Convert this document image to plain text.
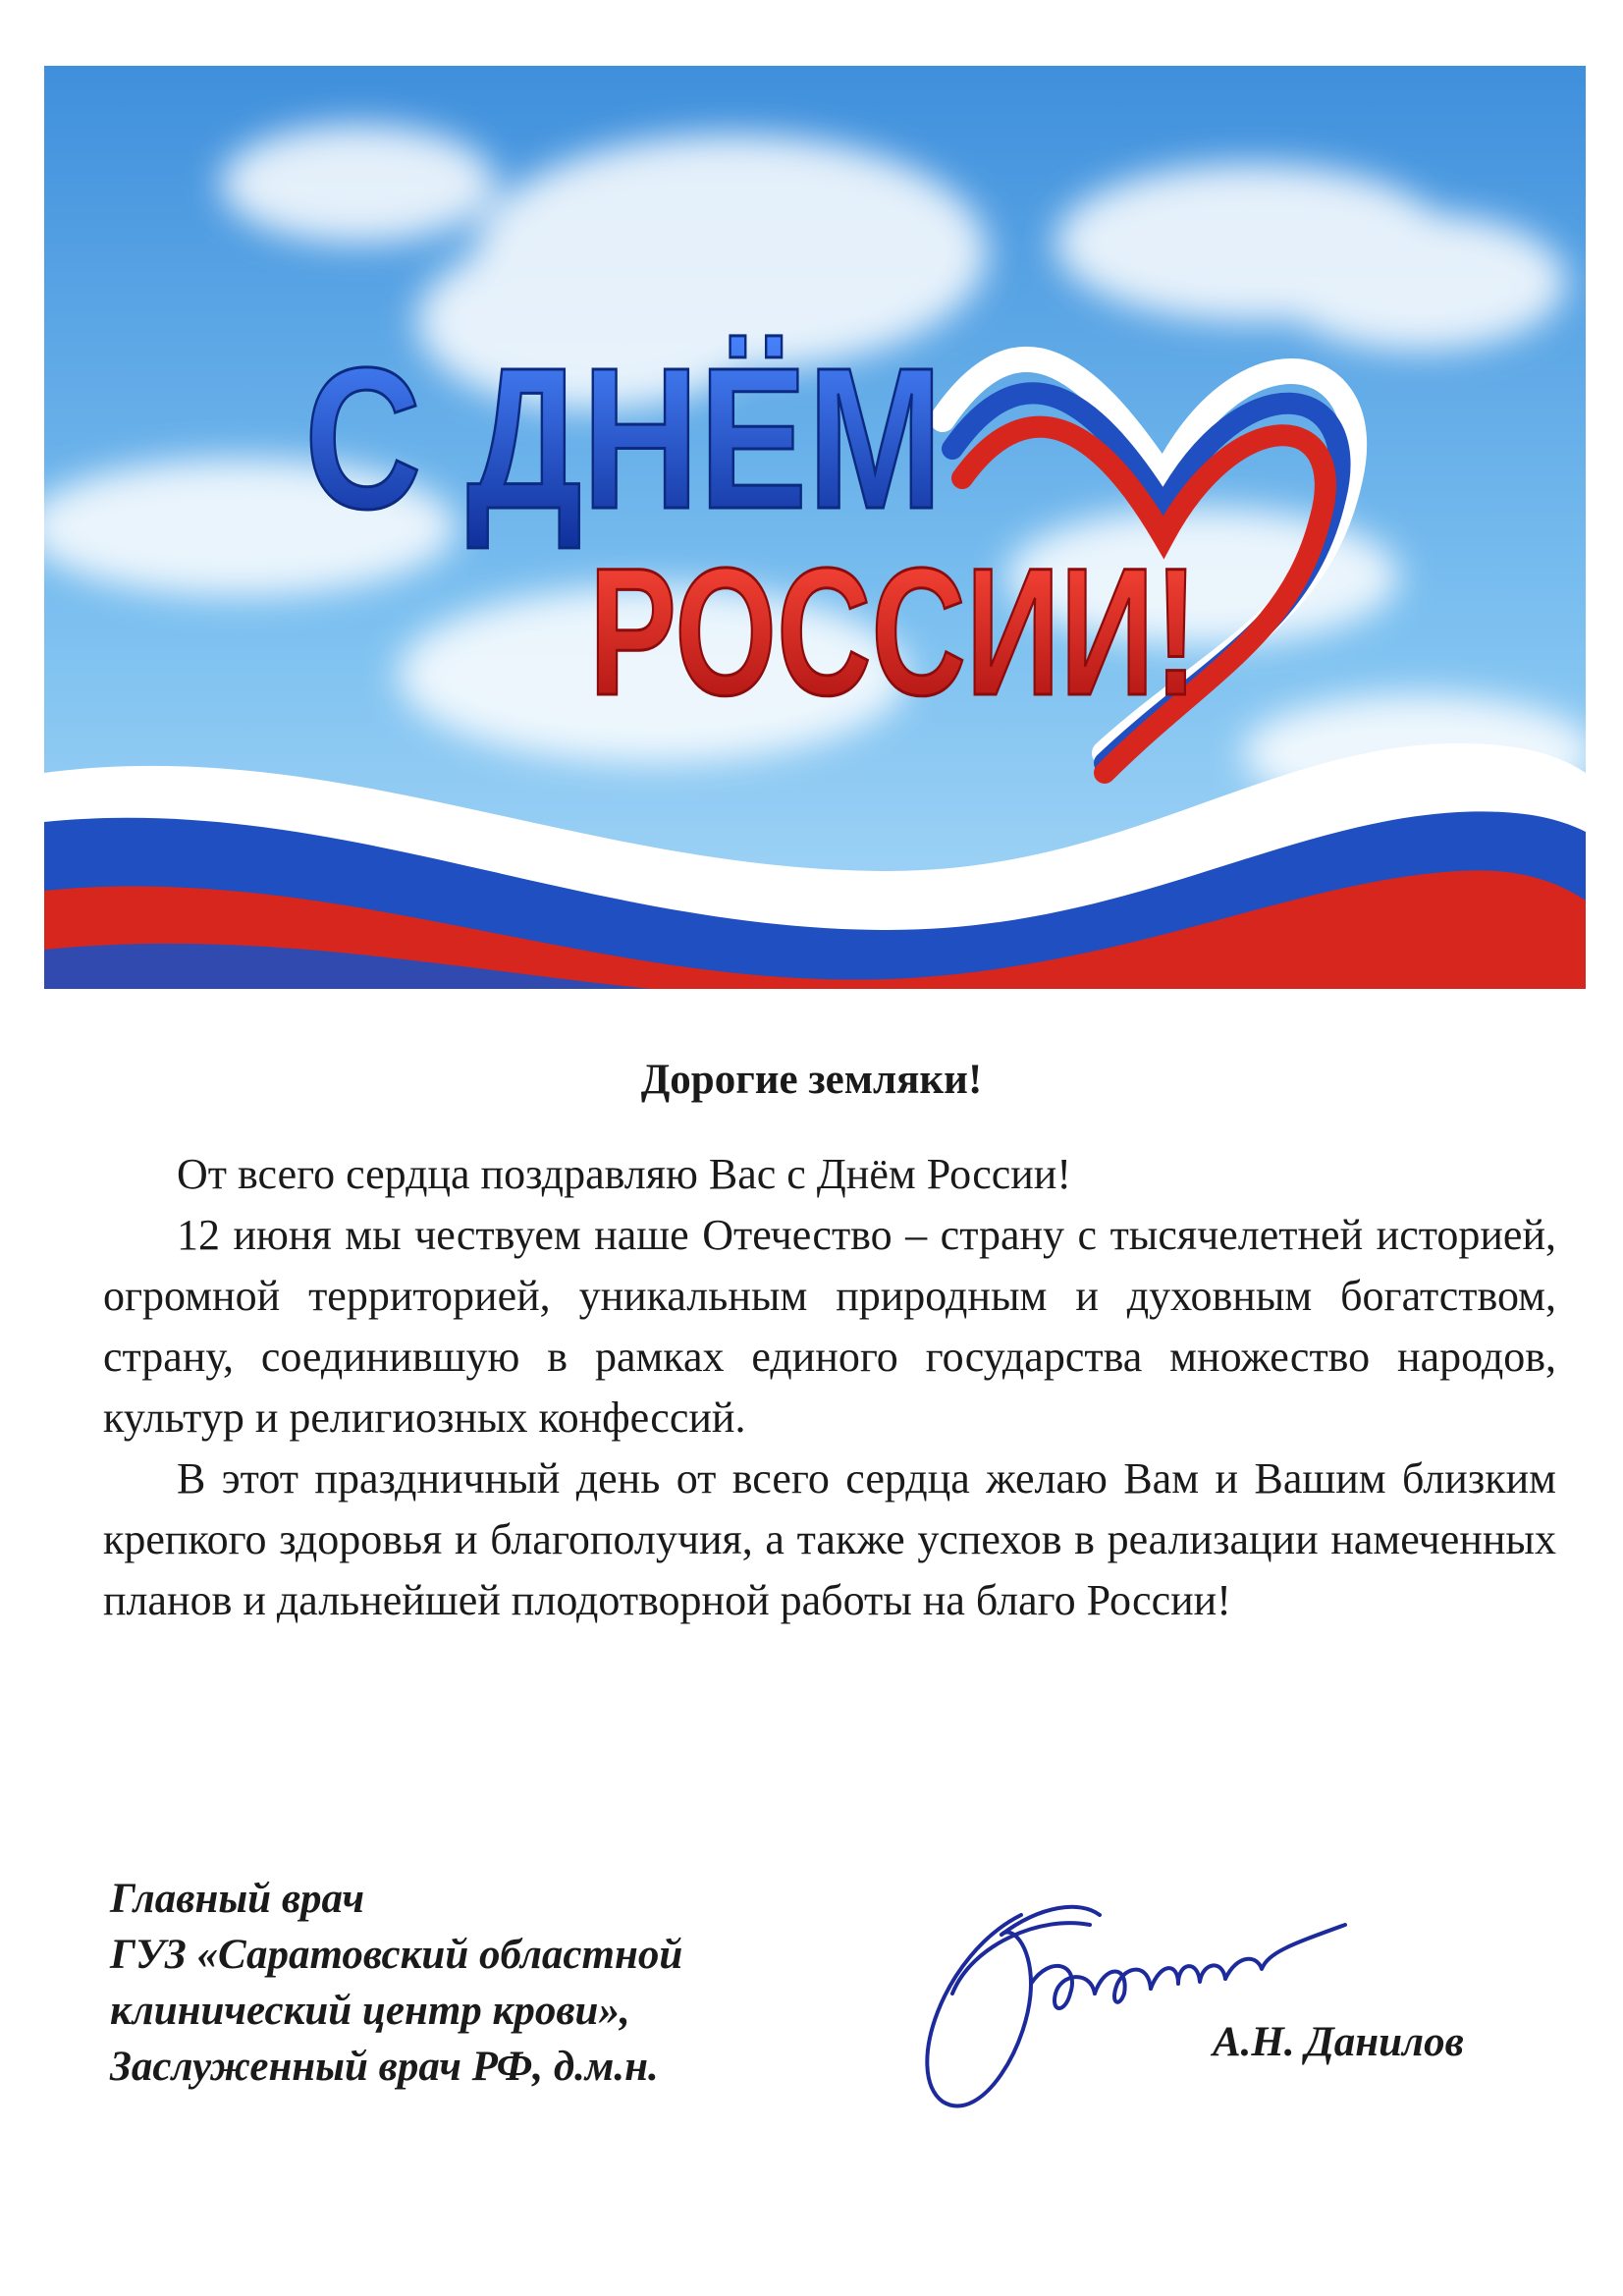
С ДНЁМ
РОССИИ!
Дорогие земляки!

От всего сердца поздравляю Вас с Днём России!

12 июня мы чествуем наше Отечество – страну с тысячелетней историей, огромной территорией, уникальным природным и духовным богатством, страну, соединившую в рамках единого государства множество народов, культур и религиозных конфессий.

В этот праздничный день от всего сердца желаю Вам и Вашим близким крепкого здоровья и благополучия, а также успехов в реализации намеченных планов и дальнейшей плодотворной работы на благо России!

Главный врач
ГУЗ «Саратовский областной
клинический центр крови»,
Заслуженный врач РФ, д.м.н.
А.Н. Данилов
